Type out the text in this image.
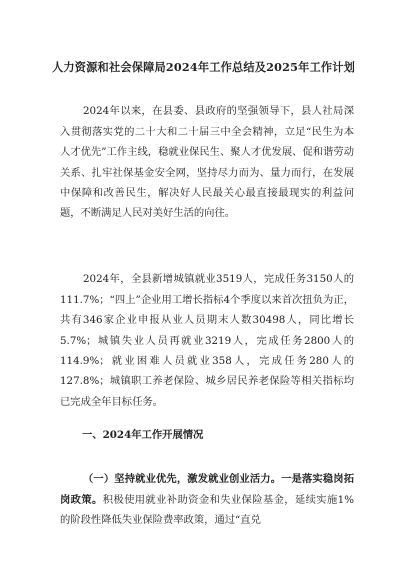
人力资源和社会保障局2024年工作总结及2025年工作计划

2024年以来，在县委、县政府的坚强领导下，县人社局深入贯彻落实党的二十大和二十届三中全会精神，立足“民生为本 人才优先”工作主线，稳就业保民生、聚人才优发展、促和谐劳动关系、扎牢社保基金安全网，坚持尽力而为、量力而行，在发展中保障和改善民生，解决好人民最关心最直接最现实的利益问题，不断满足人民对美好生活的向往。

2024年，全县新增城镇就业3519人，完成任务3150人的111.7%；“四上”企业用工增长指标4个季度以来首次扭负为正，共有346家企业申报从业人员期末人数30498人，同比增长5.7%；城镇失业人员再就业3219人，完成任务2800人的114.9%；就业困难人员就业358人，完成任务280人的127.8%；城镇职工养老保险、城乡居民养老保险等相关指标均已完成全年目标任务。

一、2024年工作开展情况

（一）坚持就业优先，激发就业创业活力。一是落实稳岗拓岗政策。积极使用就业补助资金和失业保险基金，延续实施1%的阶段性降低失业保险费率政策，通过“直兑
